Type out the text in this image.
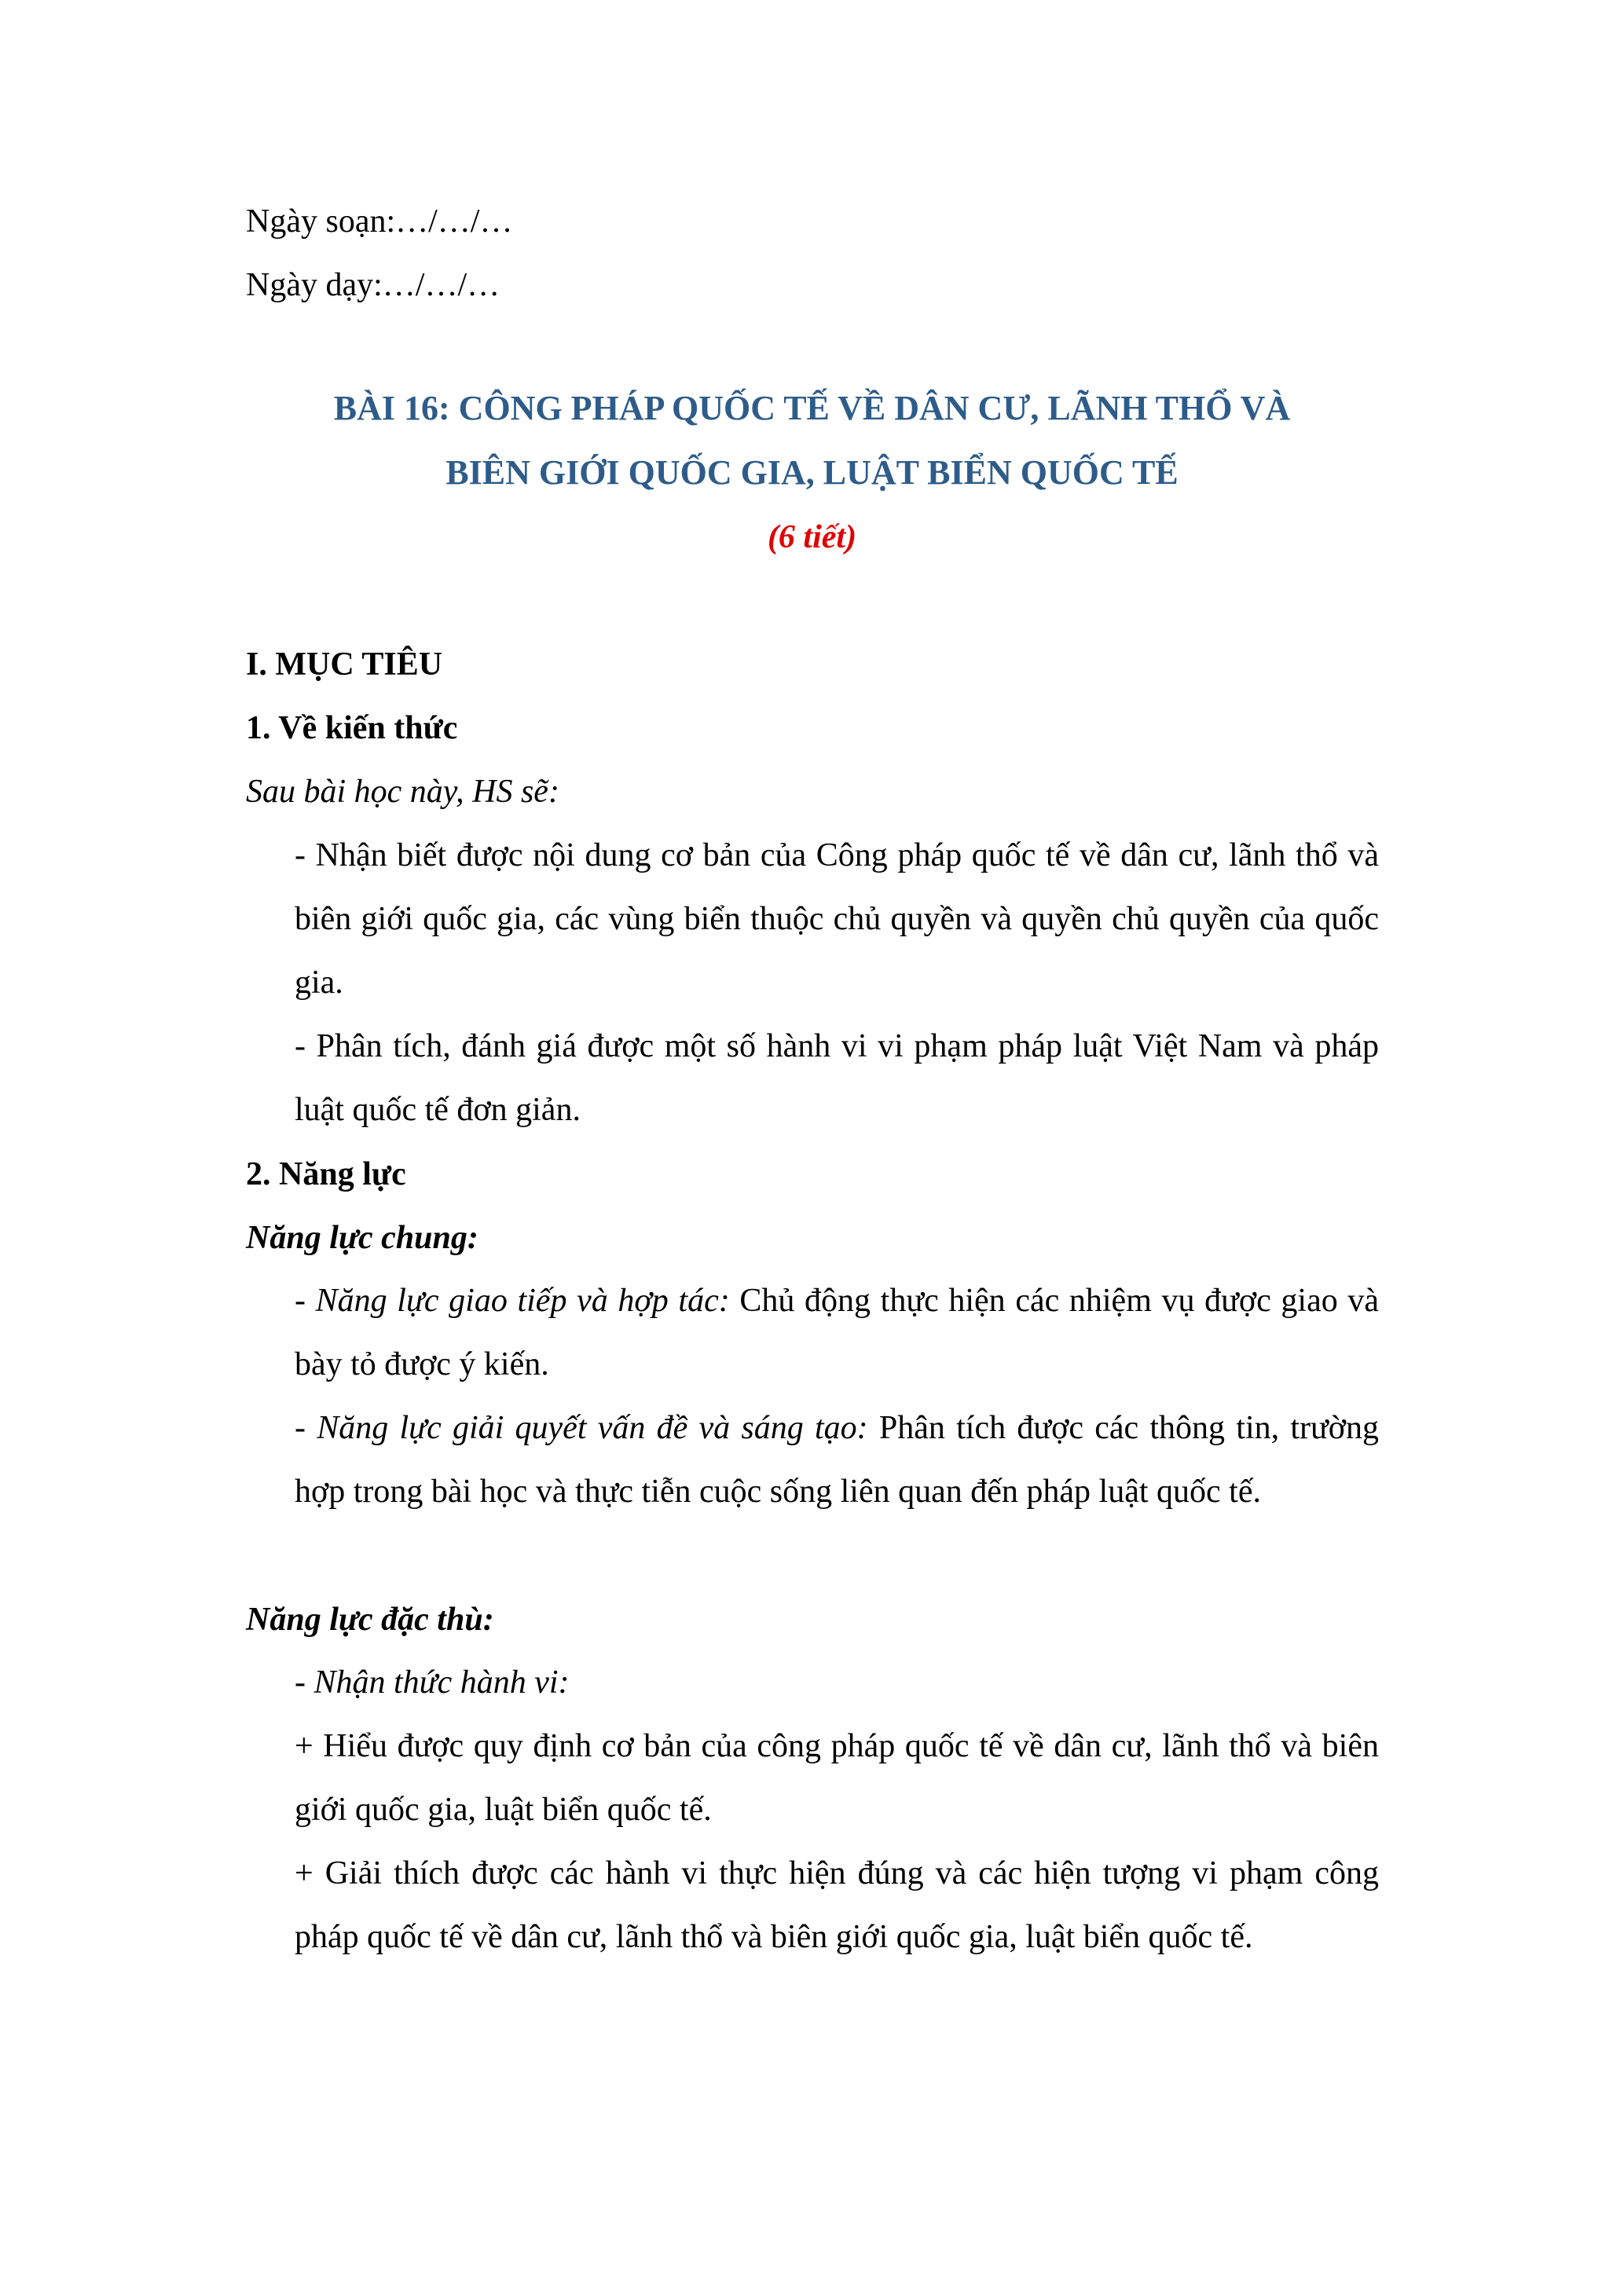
Ngày soạn:…/…/…
Ngày dạy:…/…/…
BÀI 16: CÔNG PHÁP QUỐC TẾ VỀ DÂN CƯ, LÃNH THỔ VÀ
BIÊN GIỚI QUỐC GIA, LUẬT BIỂN QUỐC TẾ
(6 tiết)
I. MỤC TIÊU
1. Về kiến thức
Sau bài học này, HS sẽ:
- Nhận biết được nội dung cơ bản của Công pháp quốc tế về dân cư, lãnh thổ và biên giới quốc gia, các vùng biển thuộc chủ quyền và quyền chủ quyền của quốc gia.
- Phân tích, đánh giá được một số hành vi vi phạm pháp luật Việt Nam và pháp luật quốc tế đơn giản.
2. Năng lực
Năng lực chung:
- Năng lực giao tiếp và hợp tác: Chủ động thực hiện các nhiệm vụ được giao và bày tỏ được ý kiến.
- Năng lực giải quyết vấn đề và sáng tạo: Phân tích được các thông tin, trường hợp trong bài học và thực tiễn cuộc sống liên quan đến pháp luật quốc tế.
Năng lực đặc thù:
- Nhận thức hành vi:
+ Hiểu được quy định cơ bản của công pháp quốc tế về dân cư, lãnh thổ và biên giới quốc gia, luật biển quốc tế.
+ Giải thích được các hành vi thực hiện đúng và các hiện tượng vi phạm công pháp quốc tế về dân cư, lãnh thổ và biên giới quốc gia, luật biển quốc tế.
